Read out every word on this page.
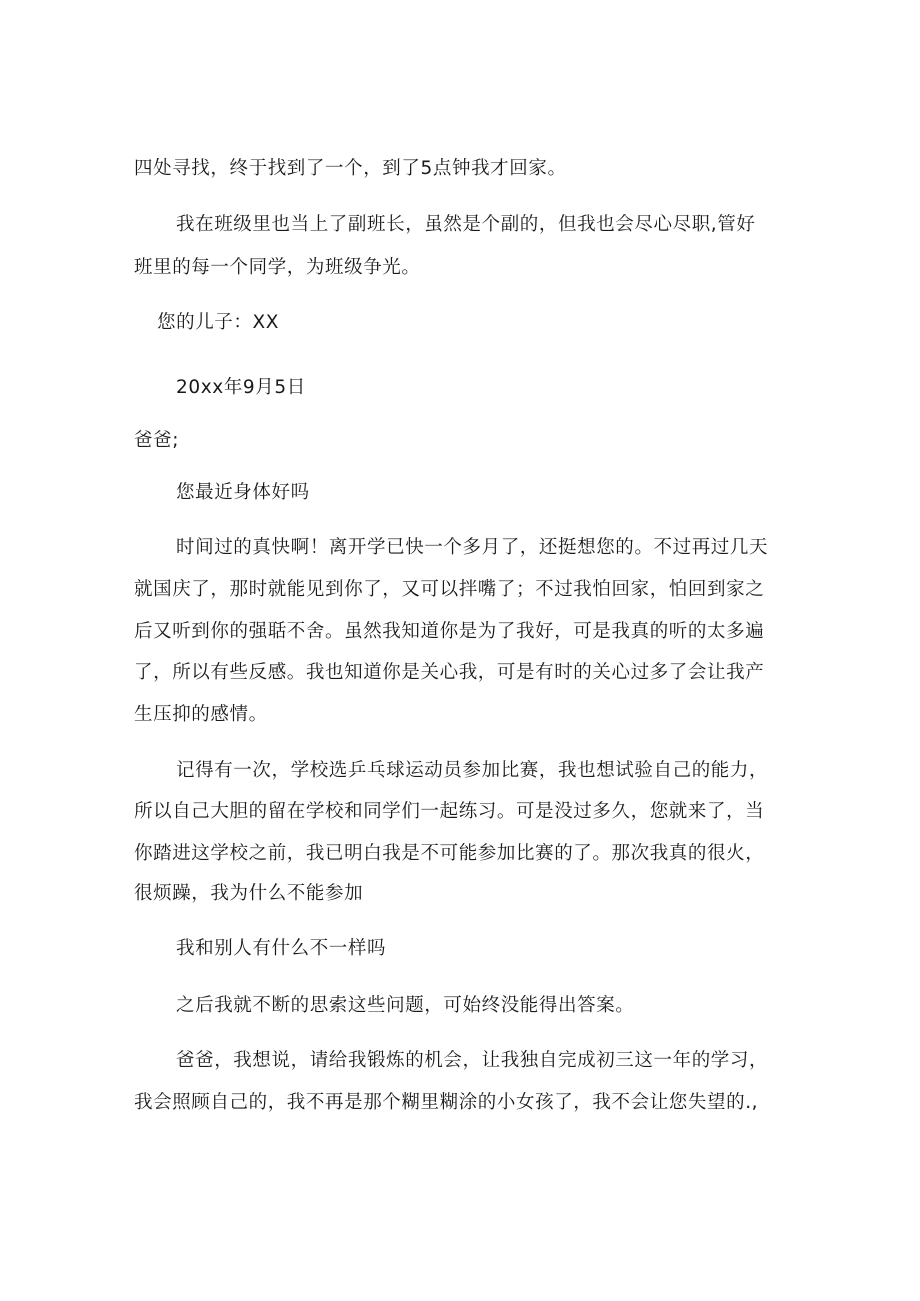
四处寻找，终于找到了一个，到了5点钟我才回家。
我在班级里也当上了副班长，虽然是个副的，但我也会尽心尽职,管好
班里的每一个同学，为班级争光。
您的儿子：XX
20xx年9月5日
爸爸;
您最近身体好吗
时间过的真快啊！离开学已快一个多月了，还挺想您的。不过再过几天
就国庆了，那时就能见到你了，又可以拌嘴了；不过我怕回家，怕回到家之
后又听到你的强聒不舍。虽然我知道你是为了我好，可是我真的听的太多遍
了，所以有些反感。我也知道你是关心我，可是有时的关心过多了会让我产
生压抑的感情。
记得有一次，学校选乒乓球运动员参加比赛，我也想试验自己的能力，
所以自己大胆的留在学校和同学们一起练习。可是没过多久，您就来了，当
你踏进这学校之前，我已明白我是不可能参加比赛的了。那次我真的很火，
很烦躁，我为什么不能参加
我和别人有什么不一样吗
之后我就不断的思索这些问题，可始终没能得出答案。
爸爸，我想说，请给我锻炼的机会，让我独自完成初三这一年的学习，
我会照顾自己的，我不再是那个糊里糊涂的小女孩了，我不会让您失望的.,
